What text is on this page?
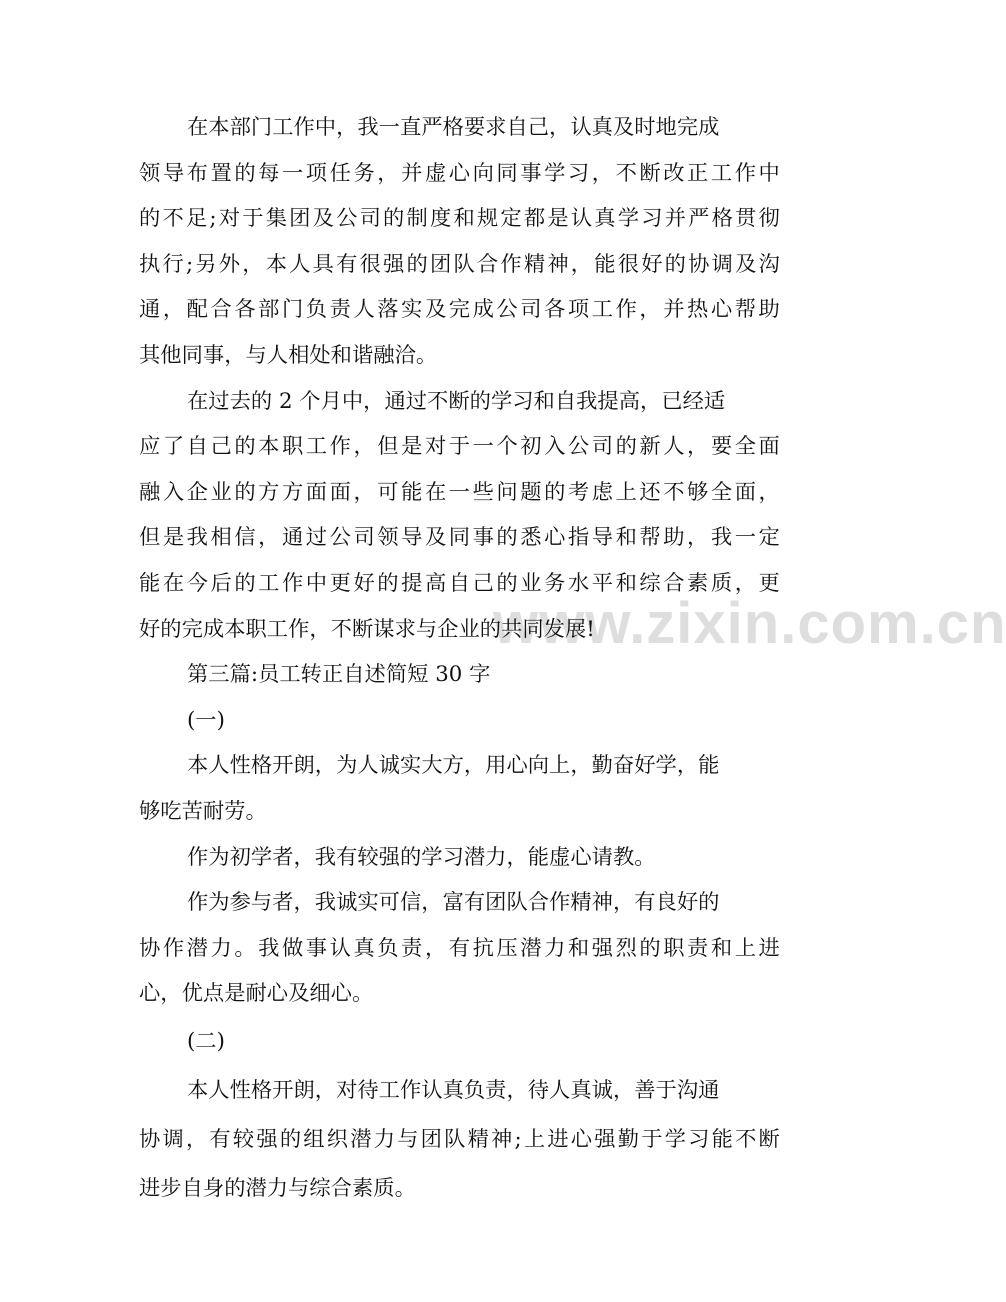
www.zixin.com.cn
在本部门工作中，我一直严格要求自己，认真及时地完成
领 导 布 置 的 每 一 项 任 务 ， 并 虚 心 向 同 事 学 习 ， 不 断 改 正 工 作 中
的 不 足 ; 对 于 集 团 及 公 司 的 制 度 和 规 定 都 是 认 真 学 习 并 严 格 贯 彻
执 行 ; 另 外 ， 本 人 具 有 很 强 的 团 队 合 作 精 神 ， 能 很 好 的 协 调 及 沟
通 ， 配 合 各 部 门 负 责 人 落 实 及 完 成 公 司 各 项 工 作 ， 并 热 心 帮 助
其他同事，与人相处和谐融洽。
在过去的 2 个月中，通过不断的学习和自我提高，已经适
应 了 自 己 的 本 职 工 作 ， 但 是 对 于 一 个 初 入 公 司 的 新 人 ， 要 全 面
融 入 企 业 的 方 方 面 面 ， 可 能 在 一 些 问 题 的 考 虑 上 还 不 够 全 面 ，
但 是 我 相 信 ， 通 过 公 司 领 导 及 同 事 的 悉 心 指 导 和 帮 助 ， 我 一 定
能 在 今 后 的 工 作 中 更 好 的 提 高 自 己 的 业 务 水 平 和 综 合 素 质 ， 更
好的完成本职工作，不断谋求与企业的共同发展!
第三篇:员工转正自述简短 30 字
(一)
本人性格开朗，为人诚实大方，用心向上，勤奋好学，能
够吃苦耐劳。
作为初学者，我有较强的学习潜力，能虚心请教。
作为参与者，我诚实可信，富有团队合作精神，有良好的
协 作 潜 力 。 我 做 事 认 真 负 责 ， 有 抗 压 潜 力 和 强 烈 的 职 责 和 上 进
心，优点是耐心及细心。
(二)
本人性格开朗，对待工作认真负责，待人真诚，善于沟通
协 调 ， 有 较 强 的 组 织 潜 力 与 团 队 精 神 ; 上 进 心 强 勤 于 学 习 能 不 断
进步自身的潜力与综合素质。
